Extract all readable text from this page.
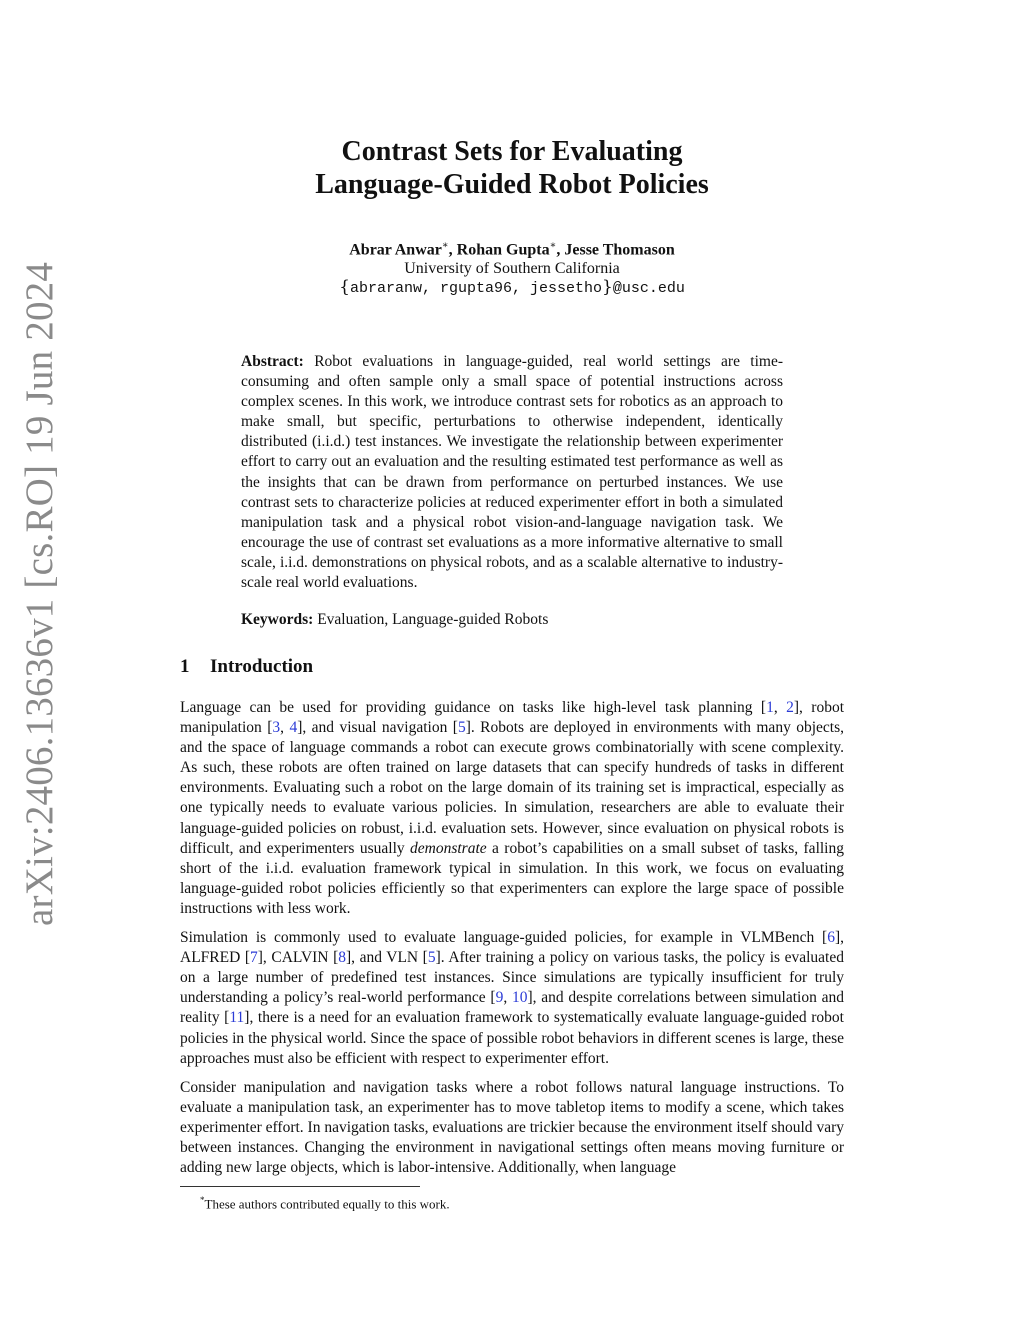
arXiv:2406.13636v1 [cs.RO] 19 Jun 2024
Contrast Sets for Evaluating
Language-Guided Robot Policies
Abrar Anwar∗, Rohan Gupta∗, Jesse Thomason
University of Southern California
{abraranw, rgupta96, jessetho}@usc.edu
Abstract: Robot evaluations in language-guided, real world settings are time-consuming and often sample only a small space of potential instructions across complex scenes. In this work, we introduce contrast sets for robotics as an approach to make small, but specific, perturbations to otherwise independent, identically distributed (i.i.d.) test instances. We investigate the relationship between experimenter effort to carry out an evaluation and the resulting estimated test performance as well as the insights that can be drawn from performance on perturbed instances. We use contrast sets to characterize policies at reduced experimenter effort in both a simulated manipulation task and a physical robot vision-and-language navigation task. We encourage the use of contrast set evaluations as a more informative alternative to small scale, i.i.d. demonstrations on physical robots, and as a scalable alternative to industry-scale real world evaluations.
Keywords: Evaluation, Language-guided Robots
1 Introduction

Language can be used for providing guidance on tasks like high-level task planning [1, 2], robot manipulation [3, 4], and visual navigation [5]. Robots are deployed in environments with many objects, and the space of language commands a robot can execute grows combinatorially with scene complexity. As such, these robots are often trained on large datasets that can specify hundreds of tasks in different environments. Evaluating such a robot on the large domain of its training set is impractical, especially as one typically needs to evaluate various policies. In simulation, researchers are able to evaluate their language-guided policies on robust, i.i.d. evaluation sets. However, since evaluation on physical robots is difficult, and experimenters usually demonstrate a robot’s capabilities on a small subset of tasks, falling short of the i.i.d. evaluation framework typical in simulation. In this work, we focus on evaluating language-guided robot policies efficiently so that experimenters can explore the large space of possible instructions with less work.

Simulation is commonly used to evaluate language-guided policies, for example in VLMBench [6], ALFRED [7], CALVIN [8], and VLN [5]. After training a policy on various tasks, the policy is evaluated on a large number of predefined test instances. Since simulations are typically insufficient for truly understanding a policy’s real-world performance [9, 10], and despite correlations between simulation and reality [11], there is a need for an evaluation framework to systematically evaluate language-guided robot policies in the physical world. Since the space of possible robot behaviors in different scenes is large, these approaches must also be efficient with respect to experimenter effort.

Consider manipulation and navigation tasks where a robot follows natural language instructions. To evaluate a manipulation task, an experimenter has to move tabletop items to modify a scene, which takes experimenter effort. In navigation tasks, evaluations are trickier because the environment itself should vary between instances. Changing the environment in navigational settings often means moving furniture or adding new large objects, which is labor-intensive. Additionally, when language

*These authors contributed equally to this work.
